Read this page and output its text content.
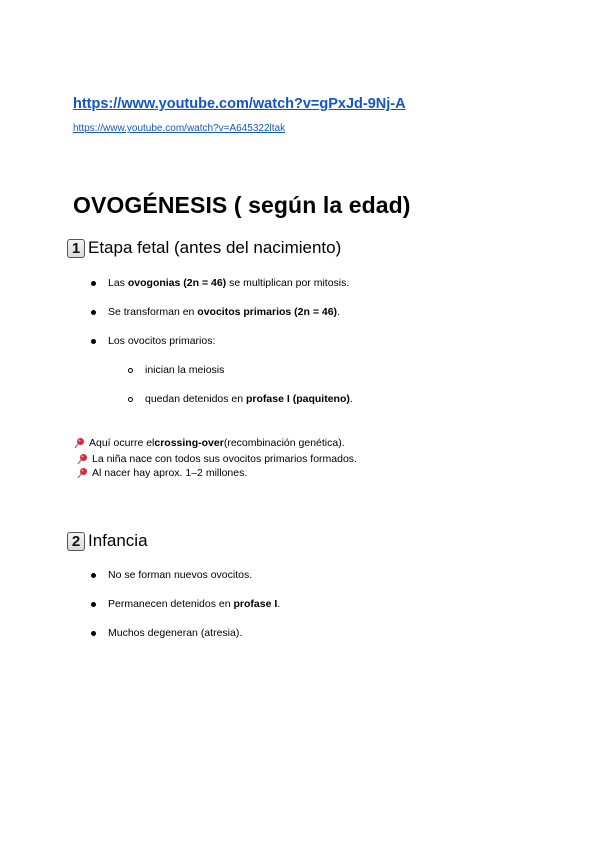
https://www.youtube.com/watch?v=gPxJd-9Nj-A
https://www.youtube.com/watch?v=A645322ltak
OVOGÉNESIS ( según la edad)
1 Etapa fetal (antes del nacimiento)
Las ovogonias (2n = 46) se multiplican por mitosis.
Se transforman en ovocitos primarios (2n = 46).
Los ovocitos primarios:
inician la meiosis
quedan detenidos en profase I (paquiteno).
Aquí ocurre el crossing-over (recombinación genética).
La niña nace con todos sus ovocitos primarios formados.
Al nacer hay aprox. 1–2 millones.
2 Infancia
No se forman nuevos ovocitos.
Permanecen detenidos en profase I.
Muchos degeneran (atresia).
